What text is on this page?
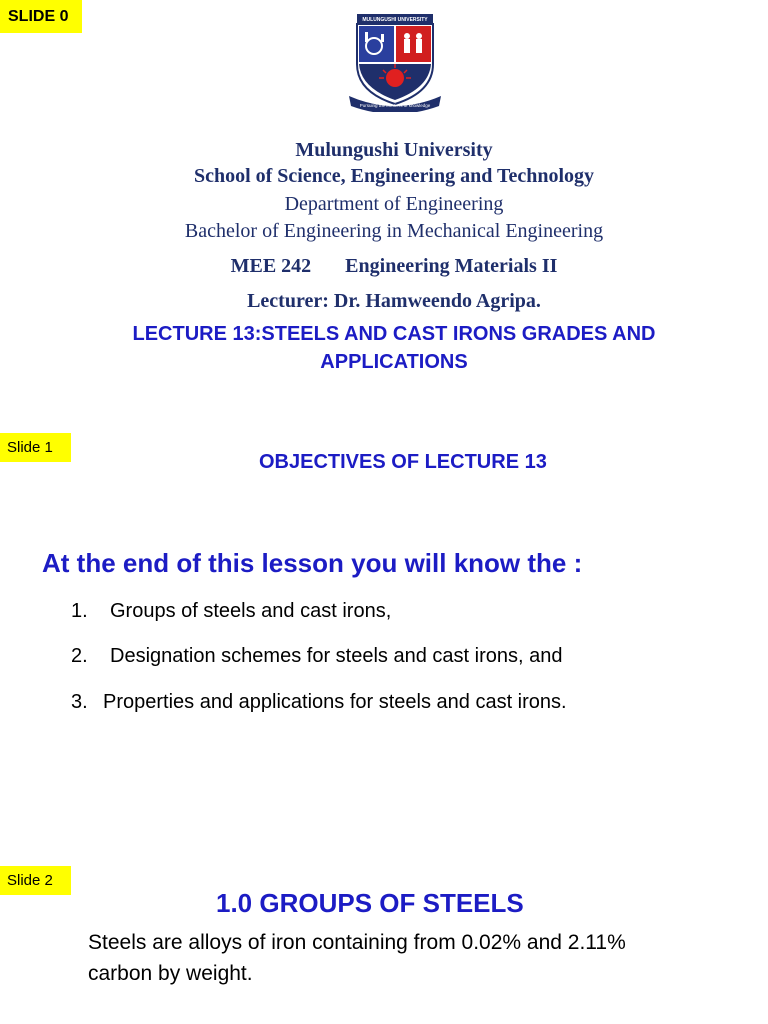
SLIDE 0	MULUNGUSHI UNIVERSITY
Pursuing the frontiers of knowledge
Mulungushi University
School of Science, Engineering and Technology
Department of Engineering
Bachelor of Engineering in Mechanical Engineering
MEE 242 Engineering Materials II
Lecturer: Dr. Hamweendo Agripa.
LECTURE 13:STEELS AND CAST IRONS GRADES AND
APPLICATIONS
Slide 1
OBJECTIVES OF LECTURE 13
At the end of this lesson you will know the :
1. Groups of steels and cast irons,
2. Designation schemes for steels and cast irons, and
3. Properties and applications for steels and cast irons.
Slide 2
1.0 GROUPS OF STEELS
Steels are alloys of iron containing from 0.02% and 2.11%
carbon by weight.
